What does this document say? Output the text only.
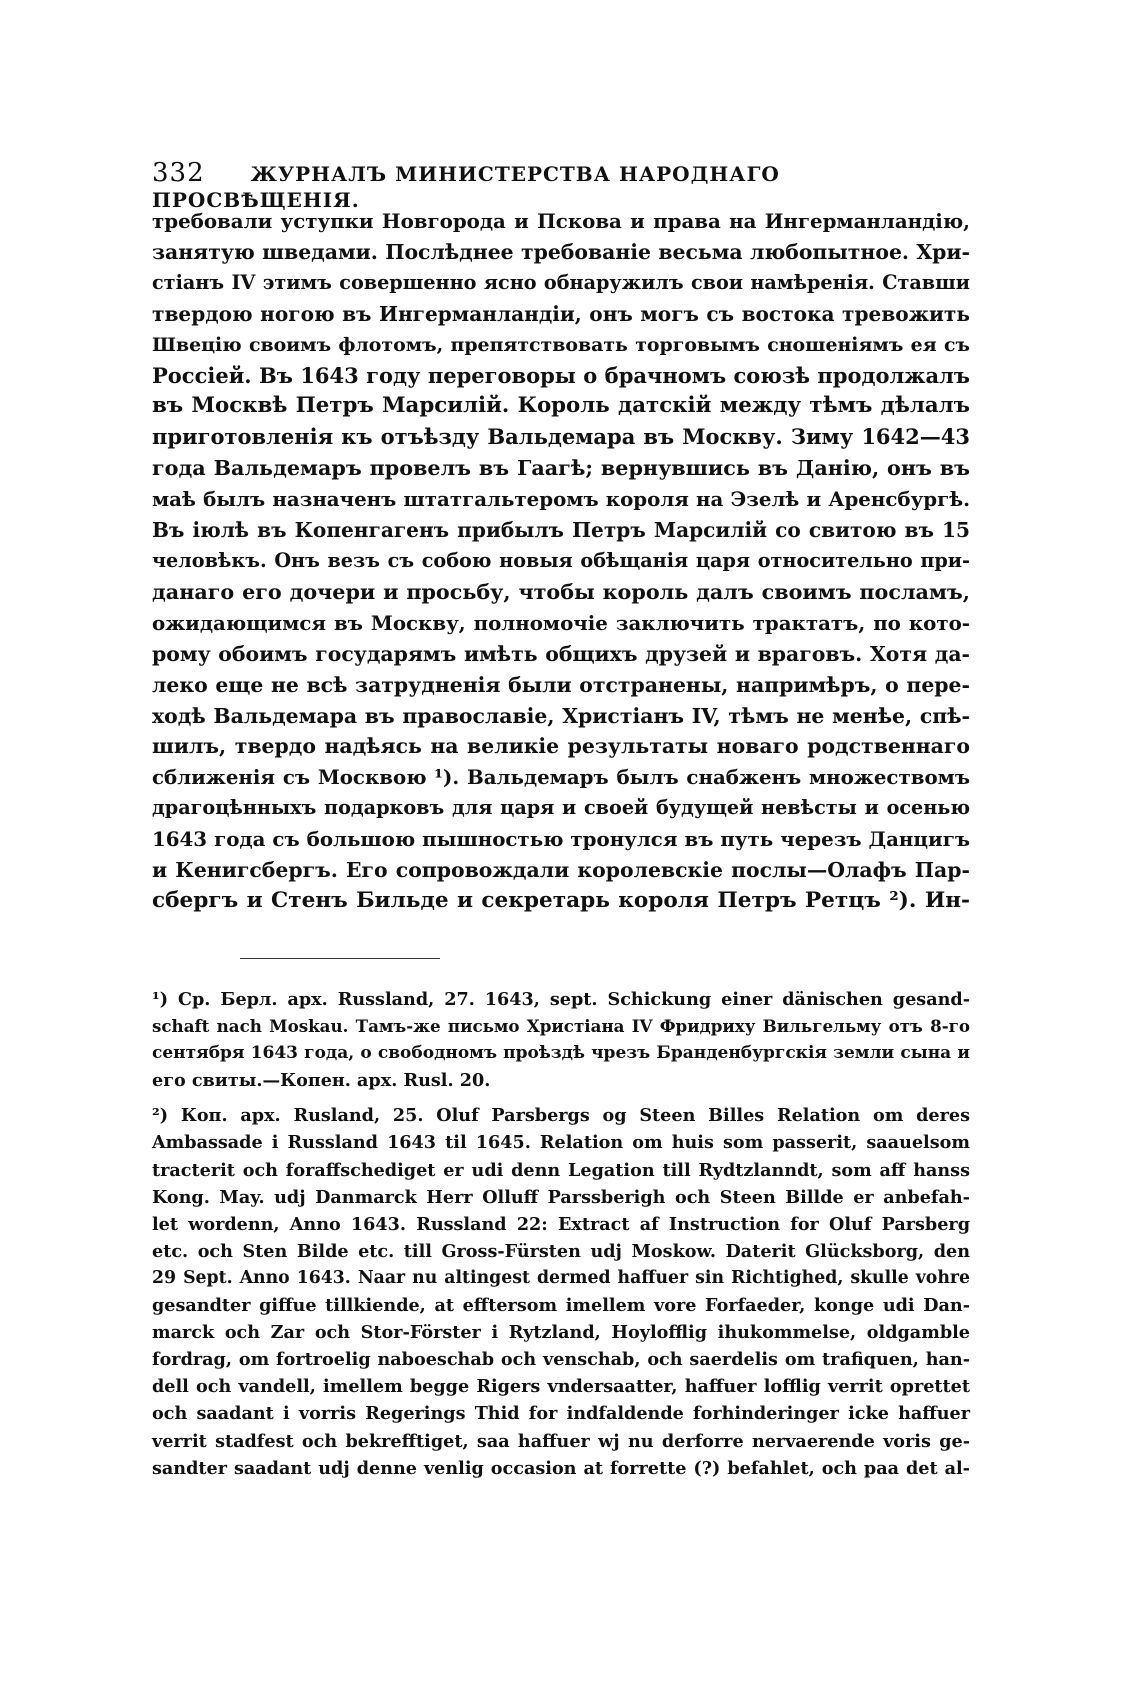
332 ЖУРНАЛЪ МИНИСТЕРСТВА НАРОДНАГО ПРОСВѢЩЕНІЯ.
требовали уступки Новгорода и Пскова и права на Ингерманландію,
занятую шведами. Послѣднее требованіе весьма любопытное. Хри-
стіанъ IV этимъ совершенно ясно обнаружилъ свои намѣренія. Ставши
твердою ногою въ Ингерманландіи, онъ могъ съ востока тревожить
Швецію своимъ флотомъ, препятствовать торговымъ сношеніямъ ея съ
Россіей. Въ 1643 году переговоры о брачномъ союзѣ продолжалъ
въ Москвѣ Петръ Марсилій. Король датскій между тѣмъ дѣлалъ
приготовленія къ отъѣзду Вальдемара въ Москву. Зиму 1642—43
года Вальдемаръ провелъ въ Гаагѣ; вернувшись въ Данію, онъ въ
маѣ былъ назначенъ штатгальтеромъ короля на Эзелѣ и Аренсбургѣ.
Въ іюлѣ въ Копенгагенъ прибылъ Петръ Марсилій со свитою въ 15
человѣкъ. Онъ везъ съ собою новыя обѣщанія царя относительно при-
данаго его дочери и просьбу, чтобы король далъ своимъ посламъ,
ожидающимся въ Москву, полномочіе заключить трактатъ, по кото-
рому обоимъ государямъ имѣть общихъ друзей и враговъ. Хотя да-
леко еще не всѣ затрудненія были отстранены, напримѣръ, о пере-
ходѣ Вальдемара въ православіе, Христіанъ IV, тѣмъ не менѣе, спѣ-
шилъ, твердо надѣясь на великіе результаты новаго родственнаго
сближенія съ Москвою ¹). Вальдемаръ былъ снабженъ множествомъ
драгоцѣнныхъ подарковъ для царя и своей будущей невѣсты и осенью
1643 года съ большою пышностью тронулся въ путь черезъ Данцигъ
и Кенигсбергъ. Его сопровождали королевскіе послы—Олафъ Пар-
сбергъ и Стенъ Бильде и секретарь короля Петръ Ретцъ ²). Ин-
¹) Ср. Берл. арх. Russland, 27. 1643, sept. Schickung einer dänischen gesand-
schaft nach Moskau. Тамъ-же письмо Христіана IV Фридриху Вильгельму отъ 8-го
сентября 1643 года, о свободномъ проѣздѣ чрезъ Бранденбургскія земли сына и
его свиты.—Копен. арх. Rusl. 20.
²) Коп. арх. Rusland, 25. Oluf Parsbergs og Steen Billes Relation om deres
Ambassade i Russland 1643 til 1645. Relation om huis som passerit, saauelsom
tracterit och foraffschediget er udi denn Legation till Rydtzlanndt, som aff hanss
Kong. May. udj Danmarck Herr Olluff Parssberigh och Steen Billde er anbefah-
let wordenn, Anno 1643. Russland 22: Extract af Instruction for Oluf Parsberg
etc. och Sten Bilde etc. till Gross-Fürsten udj Moskow. Daterit Glücksborg, den
29 Sept. Anno 1643. Naar nu altingest dermed haffuer sin Richtighed, skulle vohre
gesandter giffue tillkiende, at efftersom imellem vore Forfaeder, konge udi Dan-
marck och Zar och Stor-Förster i Rytzland, Hoylofflig ihukommelse, oldgamble
fordrag, om fortroelig naboeschab och venschab, och saerdelis om trafiquen, han-
dell och vandell, imellem begge Rigers vndersaatter, haffuer lofflig verrit oprettet
och saadant i vorris Regerings Thid for indfaldende forhinderinger icke haffuer
verrit stadfest och bekrefftiget, saa haffuer wj nu derforre nervaerende voris ge-
sandter saadant udj denne venlig occasion at forrette (?) befahlet, och paa det al-
